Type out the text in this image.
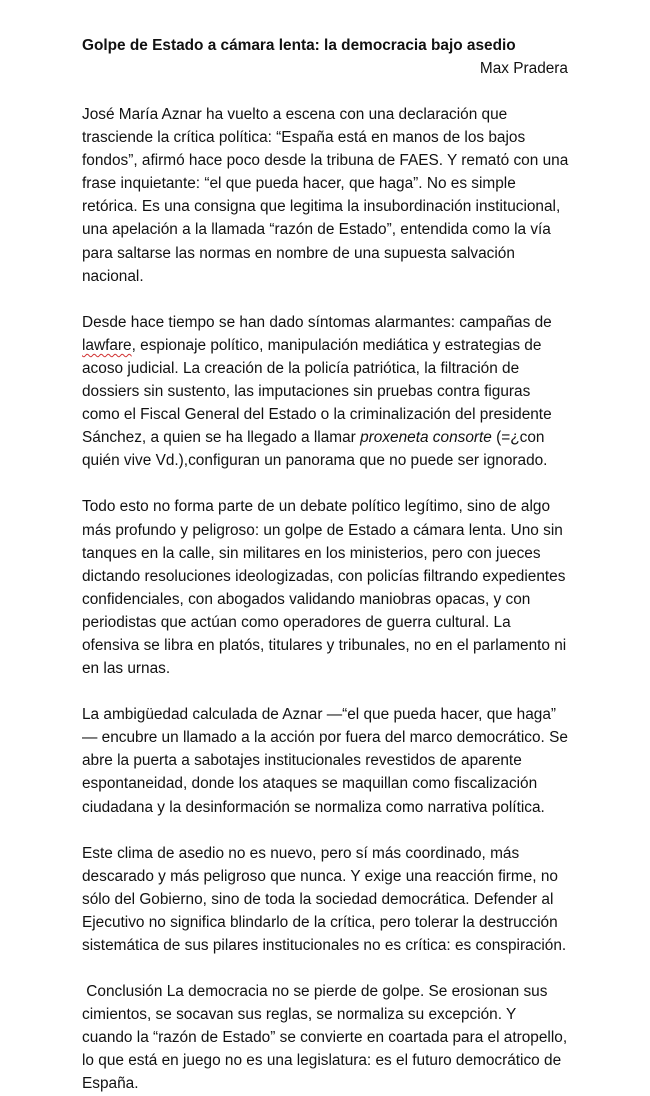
Golpe de Estado a cámara lenta: la democracia bajo asedio

Max Pradera

José María Aznar ha vuelto a escena con una declaración que trasciende la crítica política: “España está en manos de los bajos fondos”, afirmó hace poco desde la tribuna de FAES. Y rematό con una frase inquietante: “el que pueda hacer, que haga”. No es simple retórica. Es una consigna que legitima la insubordinación institucional, una apelación a la llamada “razón de Estado”, entendida como la vía para saltarse las normas en nombre de una supuesta salvación nacional.

Desde hace tiempo se han dado síntomas alarmantes: campañas de lawfare, espionaje político, manipulación mediática y estrategias de acoso judicial. La creación de la policía patriótica, la filtración de dossiers sin sustento, las imputaciones sin pruebas contra figuras como el Fiscal General del Estado o la criminalización del presidente Sánchez, a quien se ha llegado a llamar proxeneta consorte (=¿con quién vive Vd.),configuran un panorama que no puede ser ignorado.

Todo esto no forma parte de un debate político legítimo, sino de algo más profundo y peligroso: un golpe de Estado a cámara lenta. Uno sin tanques en la calle, sin militares en los ministerios, pero con jueces dictando resoluciones ideologizadas, con policías filtrando expedientes confidenciales, con abogados validando maniobras opacas, y con periodistas que actúan como operadores de guerra cultural. La ofensiva se libra en platós, titulares y tribunales, no en el parlamento ni en las urnas.

La ambigüedad calculada de Aznar —“el que pueda hacer, que haga” — encubre un llamado a la acción por fuera del marco democrático. Se abre la puerta a sabotajes institucionales revestidos de aparente espontaneidad, donde los ataques se maquillan como fiscalización ciudadana y la desinformación se normaliza como narrativa política.

Este clima de asedio no es nuevo, pero sí más coordinado, más descarado y más peligroso que nunca. Y exige una reacción firme, no sólo del Gobierno, sino de toda la sociedad democrática. Defender al Ejecutivo no significa blindarlo de la crítica, pero tolerar la destrucción sistemática de sus pilares institucionales no es crítica: es conspiración.

Conclusión La democracia no se pierde de golpe. Se erosionan sus cimientos, se socavan sus reglas, se normaliza su excepción. Y cuando la “razón de Estado” se convierte en coartada para el atropello, lo que está en juego no es una legislatura: es el futuro democrático de España.
